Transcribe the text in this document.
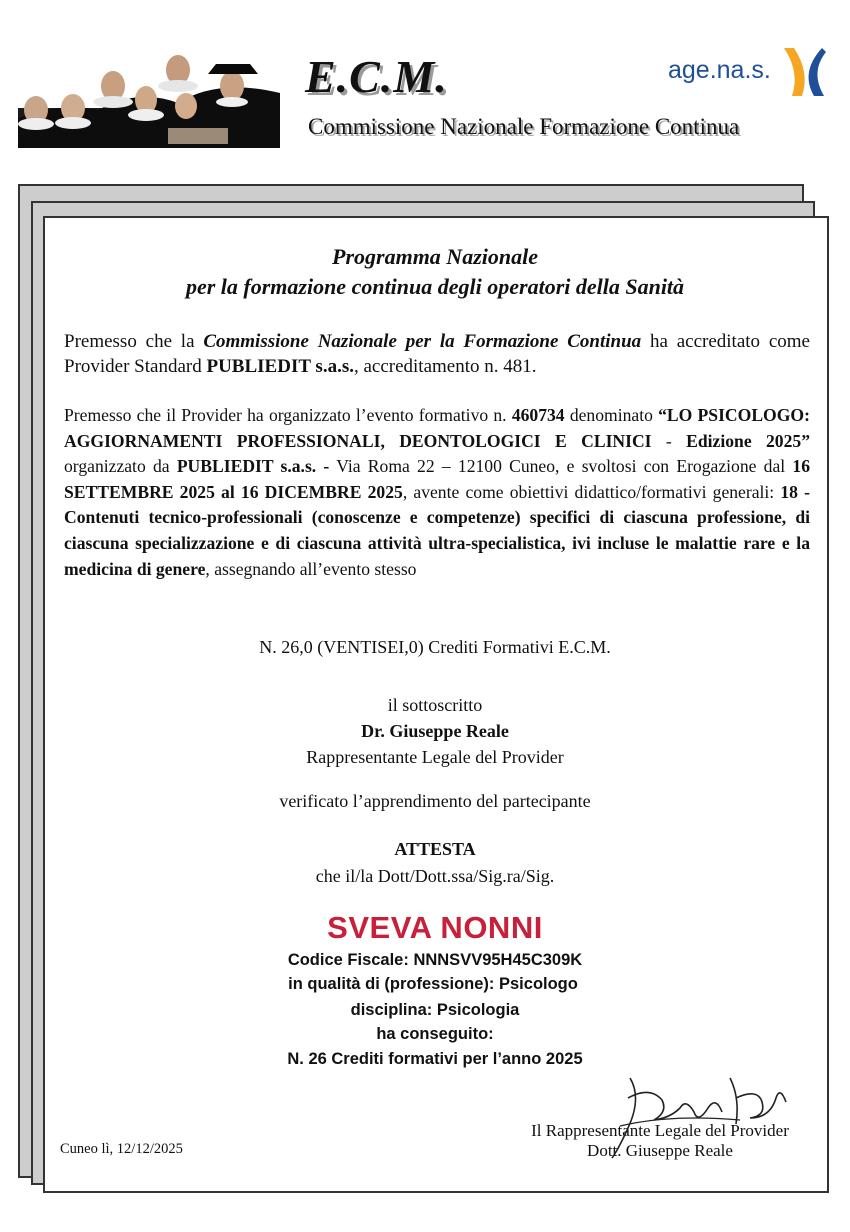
E.C.M.
Commissione Nazionale Formazione Continua
age.na.s.
Programma Nazionale
per la formazione continua degli operatori della Sanità
Premesso che la Commissione Nazionale per la Formazione Continua ha accreditato come Provider Standard PUBLIEDIT s.a.s., accreditamento n. 481.
Premesso che il Provider ha organizzato l’evento formativo n. 460734 denominato “LO PSICOLOGO: AGGIORNAMENTI PROFESSIONALI, DEONTOLOGICI E CLINICI - Edizione 2025” organizzato da PUBLIEDIT s.a.s. - Via Roma 22 – 12100 Cuneo, e svoltosi con Erogazione dal 16 SETTEMBRE 2025 al 16 DICEMBRE 2025, avente come obiettivi didattico/formativi generali: 18 - Contenuti tecnico-professionali (conoscenze e competenze) specifici di ciascuna professione, di ciascuna specializzazione e di ciascuna attività ultra-specialistica, ivi incluse le malattie rare e la medicina di genere, assegnando all’evento stesso
N. 26,0 (VENTISEI,0) Crediti Formativi E.C.M.
il sottoscritto
Dr. Giuseppe Reale
Rappresentante Legale del Provider
verificato l’apprendimento del partecipante
ATTESTA
che il/la Dott/Dott.ssa/Sig.ra/Sig.
SVEVA NONNI
Codice Fiscale: NNNSVV95H45C309K
in qualità di (professione): Psicologo
disciplina: Psicologia
ha conseguito:
N. 26 Crediti formativi per l’anno 2025
Cuneo lì, 12/12/2025
Il Rappresentante Legale del Provider
Dott. Giuseppe Reale
